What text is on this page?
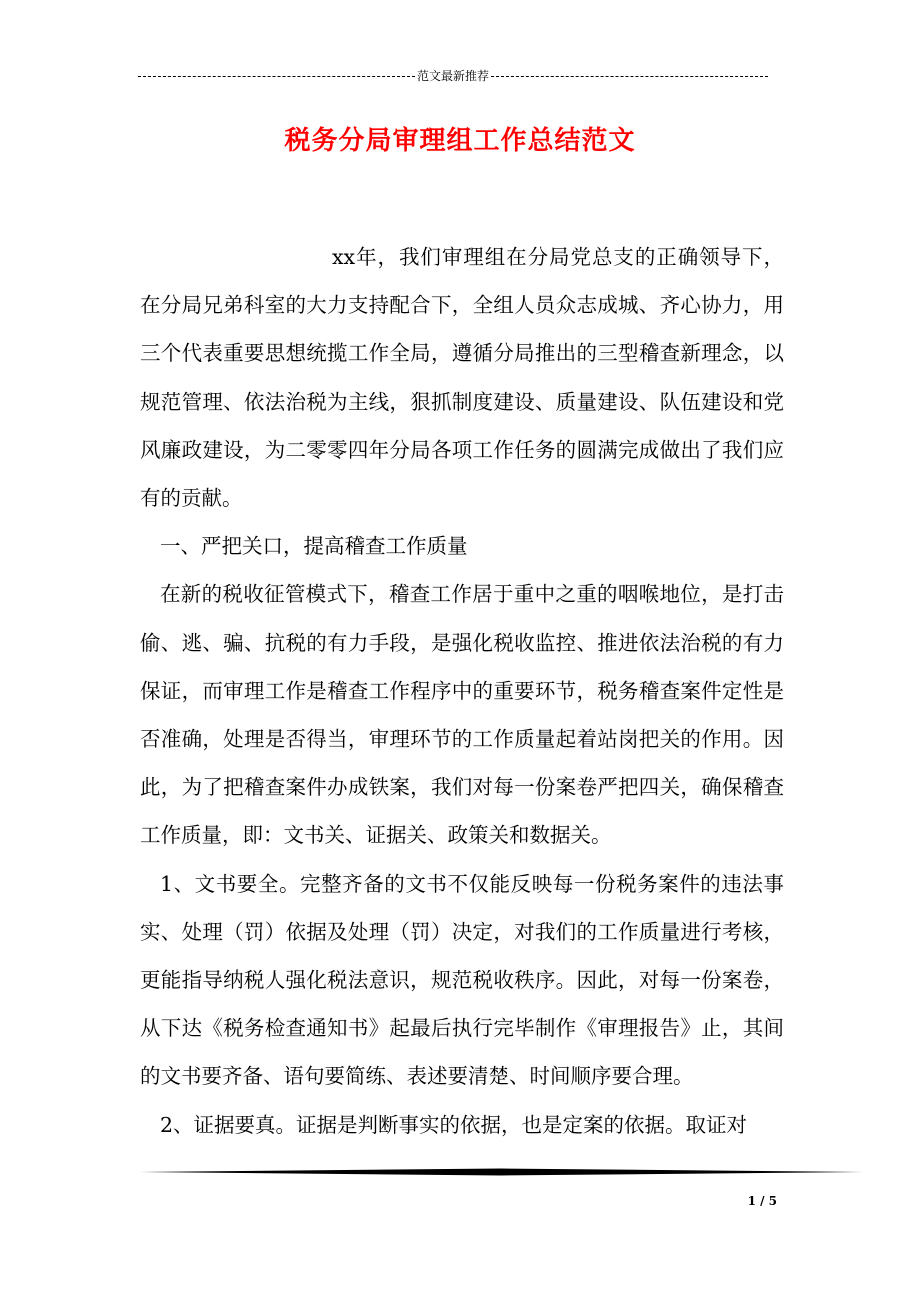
范文最新推荐
税务分局审理组工作总结范文

xx年，我们审理组在分局党总支的正确领导下，在分局兄弟科室的大力支持配合下，全组人员众志成城、齐心协力，用三个代表重要思想统揽工作全局，遵循分局推出的三型稽查新理念，以规范管理、依法治税为主线，狠抓制度建设、质量建设、队伍建设和党风廉政建设，为二零零四年分局各项工作任务的圆满完成做出了我们应有的贡献。

一、严把关口，提高稽查工作质量

在新的税收征管模式下，稽查工作居于重中之重的咽喉地位，是打击偷、逃、骗、抗税的有力手段，是强化税收监控、推进依法治税的有力保证，而审理工作是稽查工作程序中的重要环节，税务稽查案件定性是否准确，处理是否得当，审理环节的工作质量起着站岗把关的作用。因此，为了把稽查案件办成铁案，我们对每一份案卷严把四关，确保稽查工作质量，即：文书关、证据关、政策关和数据关。

1、文书要全。完整齐备的文书不仅能反映每一份税务案件的违法事实、处理（罚）依据及处理（罚）决定，对我们的工作质量进行考核，更能指导纳税人强化税法意识，规范税收秩序。因此，对每一份案卷，从下达《税务检查通知书》起最后执行完毕制作《审理报告》止，其间的文书要齐备、语句要简练、表述要清楚、时间顺序要合理。

2、证据要真。证据是判断事实的依据，也是定案的依据。取证对

1 / 5
